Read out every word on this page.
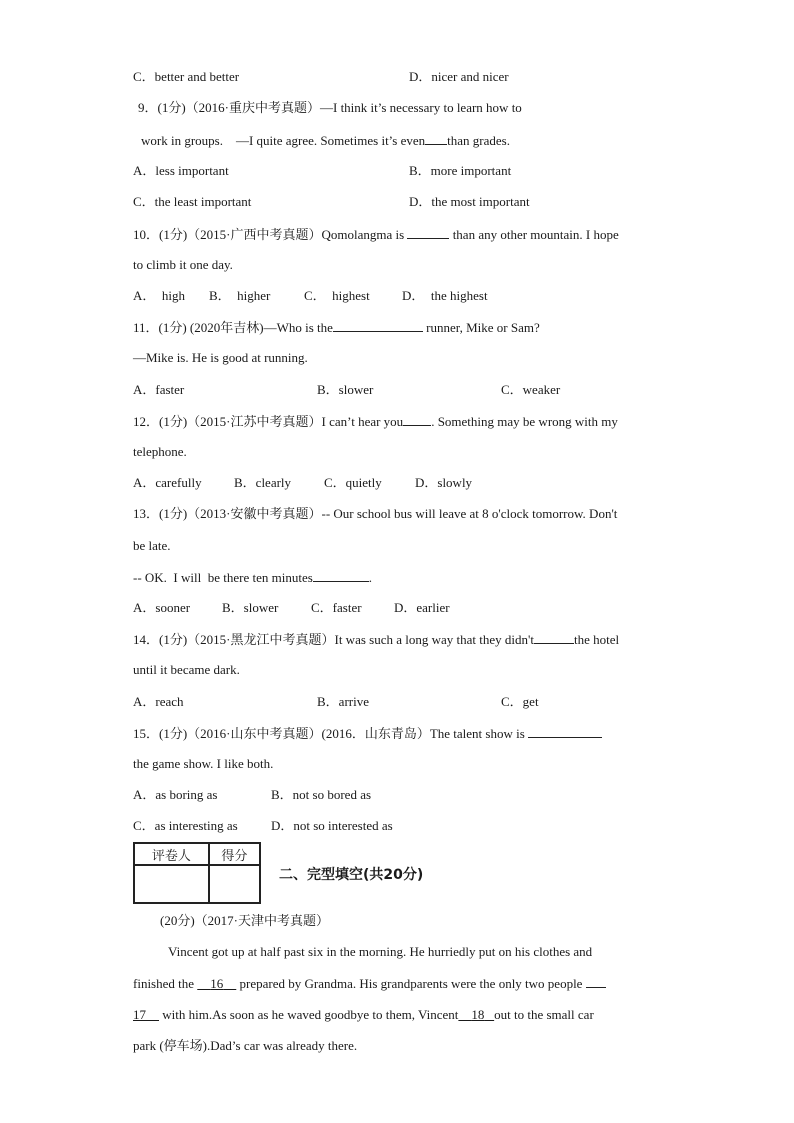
C．better and better	D．nicer and nicer
9．(1分)（2016·重庆中考真题）—I think it’s necessary to learn how to
work in groups.　—I quite agree. Sometimes it’s even than grades.
A．less important	B．more important
C．the least important	D．the most important
10．(1分)（2015·广西中考真题）Qomolangma is	than any other mountain. I hope
to climb it one day.
A．  high B．  higher	C．  highest D．  the highest
11．(1分) (2020年吉林)—Who is the	runner, Mike or Sam?
—Mike is. He is good at running.
A．faster	B．slower	C．weaker
12．(1分)（2015·江苏中考真题）I can’t hear you . Something may be wrong with my
telephone.
A．carefully B．clearly	C．quietly	D．slowly
13．(1分)（2013·安徽中考真题）-- Our school bus will leave at 8 o'clock tomorrow. Don't
be late.
-- OK.  I will  be there ten minutes	.
A．sooner B．slower	C．faster D．earlier
14．(1分)（2015·黑龙江中考真题）It was such a long way that they didn't	the hotel
until it became dark.
A．reach	B．arrive	C．get
15．(1分)（2016·山东中考真题）(2016．山东青岛）The talent show is
the game show. I like both.
A．as boring as	B．not so bored as
C．as interesting as	D．not so interested as
评卷人	得分

二、完型填空(共20分)
(20分)（2017·天津中考真题）
Vincent got up at half past six in the morning. He hurriedly put on his clothes and
finished the 16 prepared by Grandma. His grandparents were the only two people
17 with him.As soon as he waved goodbye to them, Vincent 18 out to the small car
park (停车场).Dad’s car was already there.
